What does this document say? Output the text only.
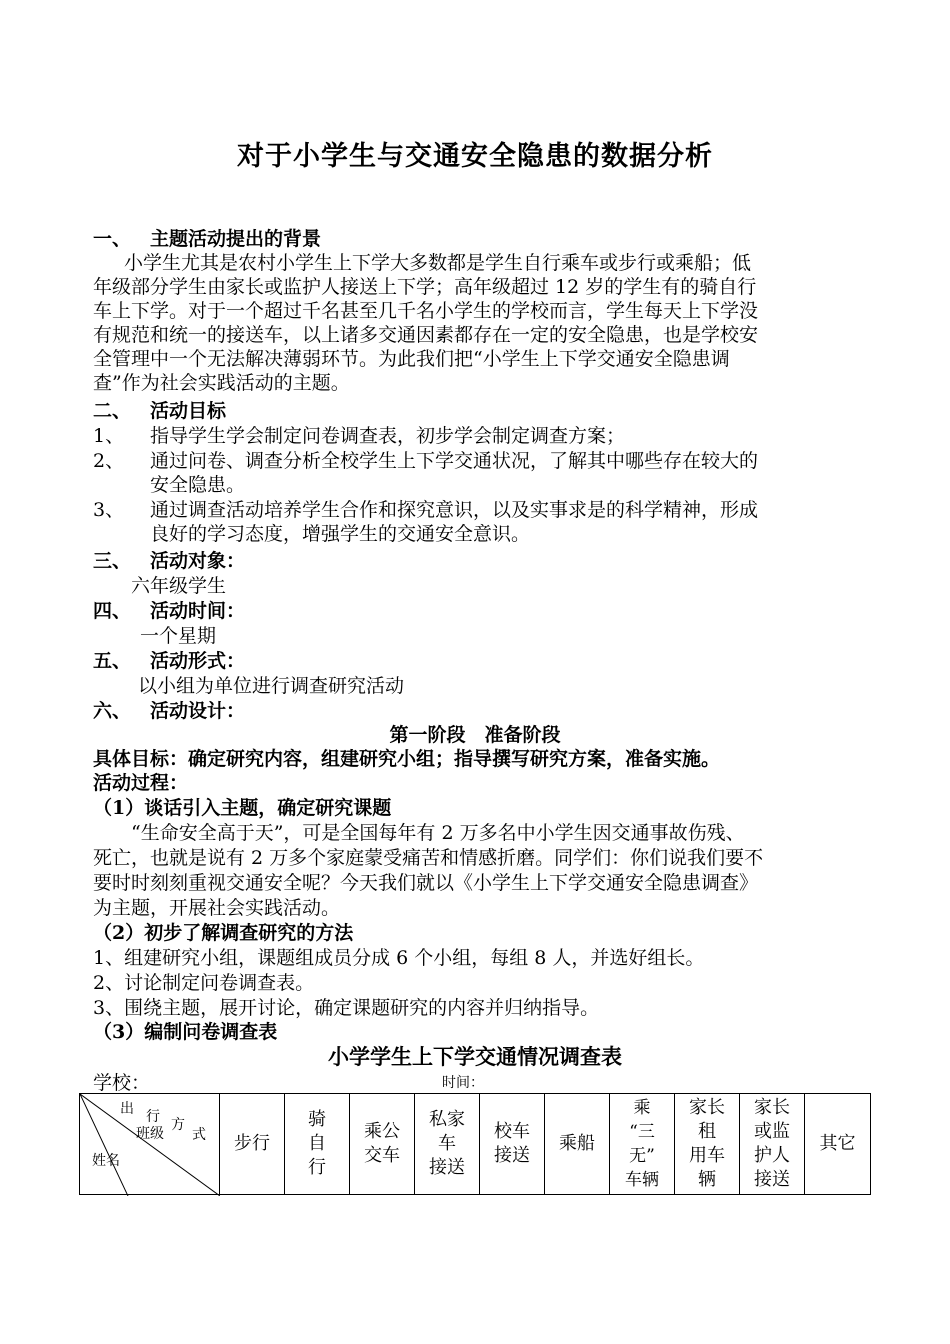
对于小学生与交通安全隐患的数据分析
一、 主题活动提出的背景
小学生尤其是农村小学生上下学大多数都是学生自行乘车或步行或乘船；低
年级部分学生由家长或监护人接送上下学；高年级超过 12 岁的学生有的骑自行
车上下学。对于一个超过千名甚至几千名小学生的学校而言，学生每天上下学没
有规范和统一的接送车，以上诸多交通因素都存在一定的安全隐患，也是学校安
全管理中一个无法解决薄弱环节。为此我们把“小学生上下学交通安全隐患调
查”作为社会实践活动的主题。
二、 活动目标
1、 指导学生学会制定问卷调查表，初步学会制定调查方案；
2、 通过问卷、调查分析全校学生上下学交通状况，了解其中哪些存在较大的
安全隐患。
3、 通过调查活动培养学生合作和探究意识，以及实事求是的科学精神，形成
良好的学习态度，增强学生的交通安全意识。
三、 活动对象：
六年级学生
四、 活动时间：
一个星期
五、 活动形式：
以小组为单位进行调查研究活动
六、 活动设计：
第一阶段　准备阶段
具体目标：确定研究内容，组建研究小组；指导撰写研究方案，准备实施。
活动过程：
（1）谈话引入主题，确定研究课题
“生命安全高于天”，可是全国每年有 2 万多名中小学生因交通事故伤残、
死亡，也就是说有 2 万多个家庭蒙受痛苦和情感折磨。同学们：你们说我们要不
要时时刻刻重视交通安全呢？今天我们就以《小学生上下学交通安全隐患调查》
为主题，开展社会实践活动。
（2）初步了解调查研究的方法
1、组建研究小组，课题组成员分成 6 个小组，每组 8 人，并选好组长。
2、讨论制定问卷调查表。
3、围绕主题，展开讨论，确定课题研究的内容并归纳指导。
（3）编制问卷调查表
小学学生上下学交通情况调查表
学校：	时间：
出 行
班级
方
式
姓名
	步行	骑
自
行	乘公
交车	私家
车
接送	校车
接送	乘船	乘
“三
无”
车辆	家长
租
用车
辆	家长
或监
护人
接送	其它
